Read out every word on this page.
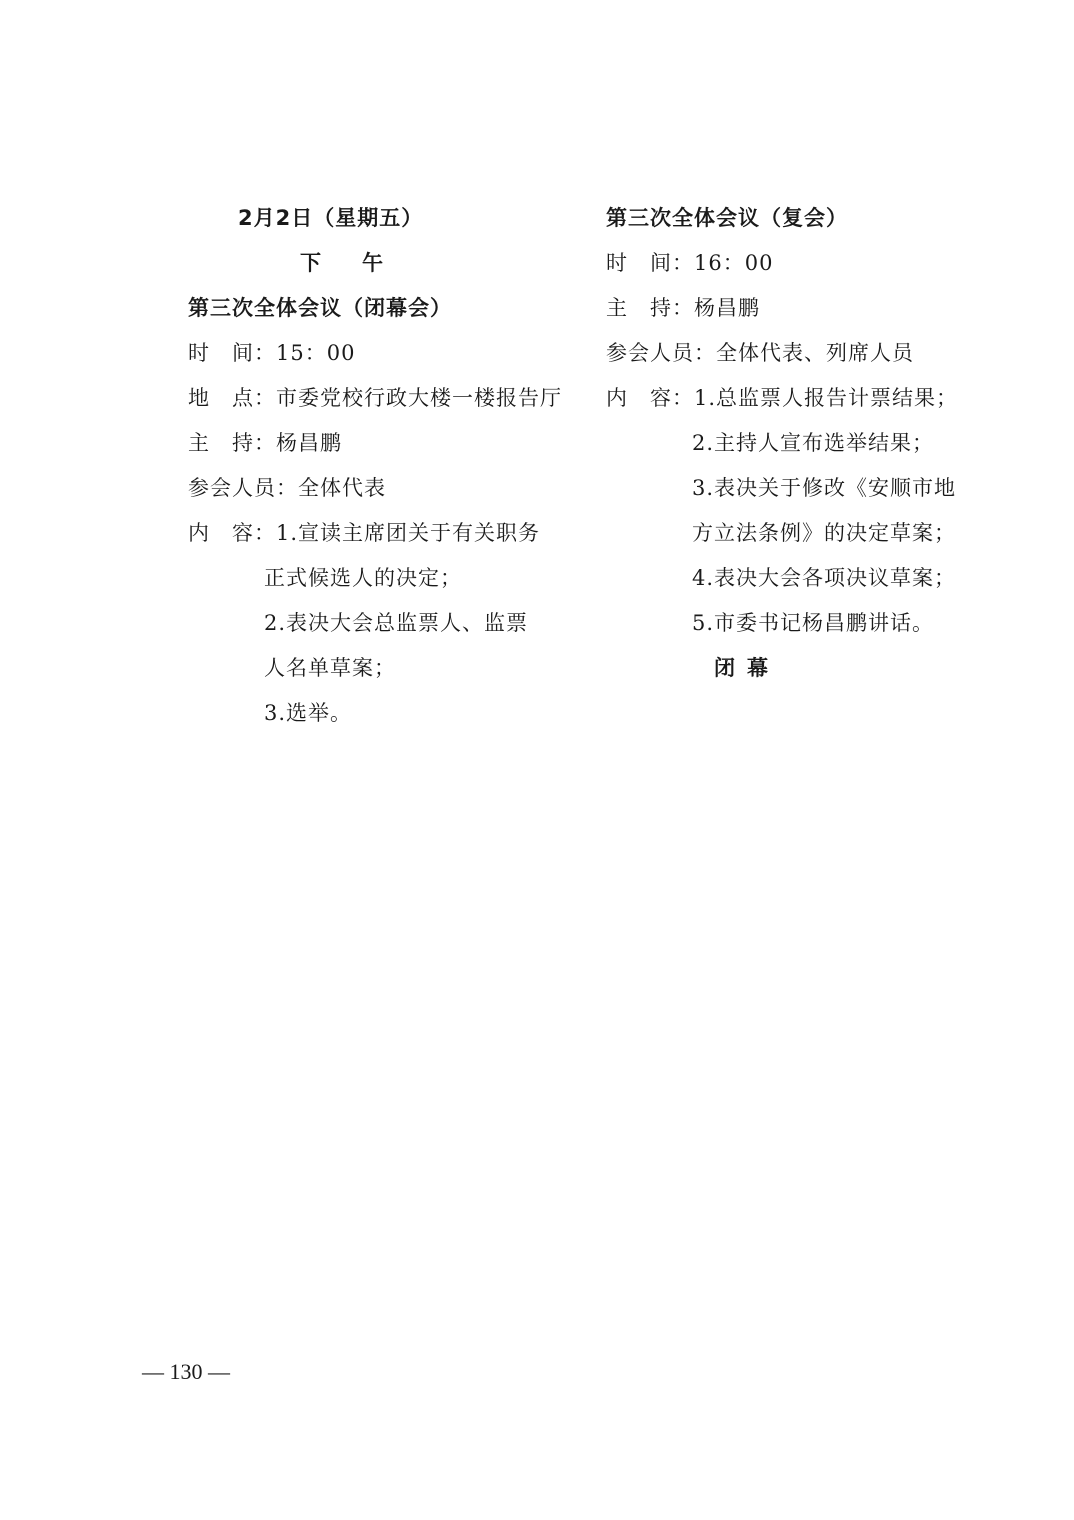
2月2日（星期五）
下　午
第三次全体会议（闭幕会）
时　间：15：00
地　点：市委党校行政大楼一楼报告厅
主　持：杨昌鹏
参会人员：全体代表
内　容：1.宣读主席团关于有关职务
正式候选人的决定；
2.表决大会总监票人、监票
人名单草案；
3.选举。
第三次全体会议（复会）
时　间：16：00
主　持：杨昌鹏
参会人员：全体代表、列席人员
内　容：1.总监票人报告计票结果；
2.主持人宣布选举结果；
3.表决关于修改《安顺市地
方立法条例》的决定草案；
4.表决大会各项决议草案；
5.市委书记杨昌鹏讲话。
闭幕
— 130 —
